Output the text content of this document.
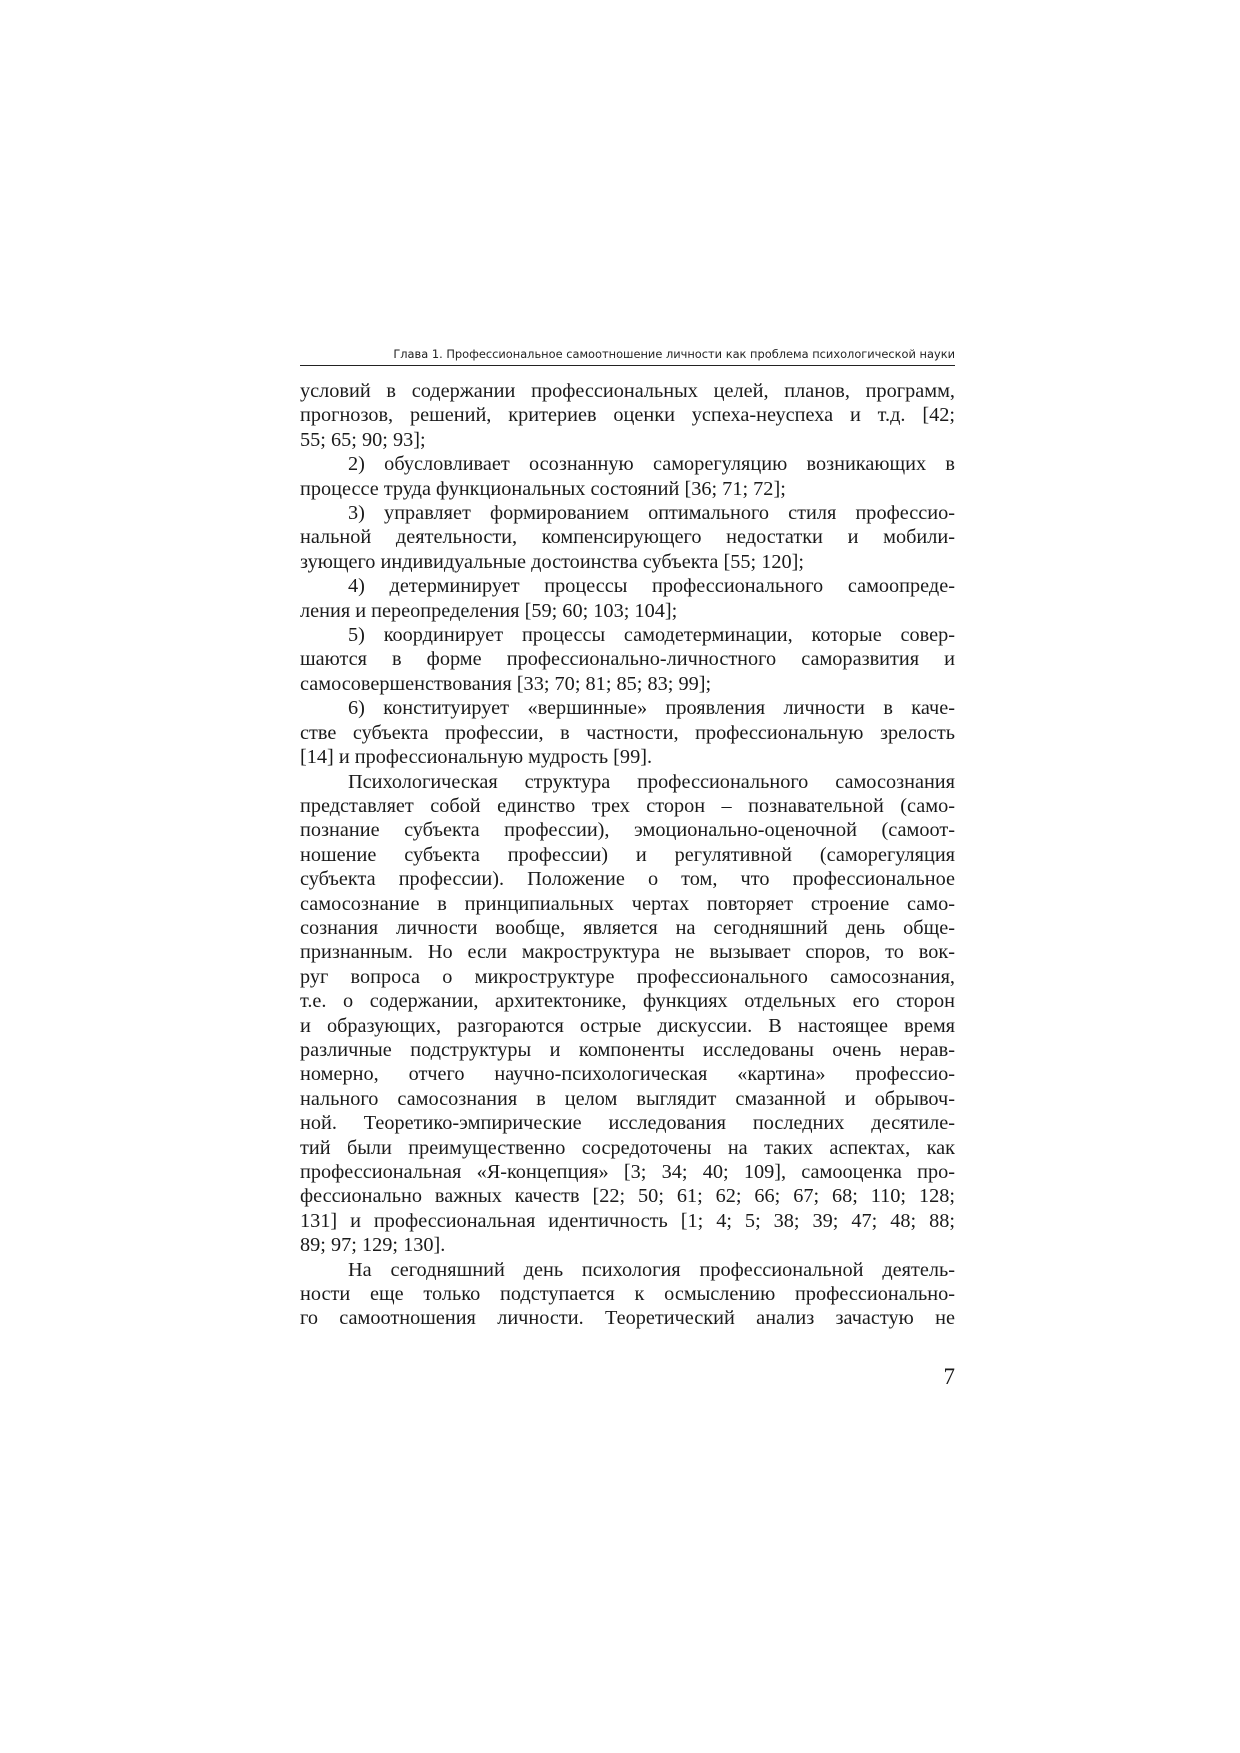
Глава 1. Профессиональное самоотношение личности как проблема психологической науки

условий в содержании профессиональных целей, планов, программ,
прогнозов, решений, критериев оценки успеха-неуспеха и т.д. [42;
55; 65; 90; 93];

2) обусловливает осознанную саморегуляцию возникающих в
процессе труда функциональных состояний [36; 71; 72];

3) управляет формированием оптимального стиля профессио-
нальной деятельности, компенсирующего недостатки и мобили-
зующего индивидуальные достоинства субъекта [55; 120];

4) детерминирует процессы профессионального самоопреде-
ления и переопределения [59; 60; 103; 104];

5) координирует процессы самодетерминации, которые совер-
шаются в форме профессионально-личностного саморазвития и
самосовершенствования [33; 70; 81; 85; 83; 99];

6) конституирует «вершинные» проявления личности в каче-
стве субъекта профессии, в частности, профессиональную зрелость
[14] и профессиональную мудрость [99].

Психологическая структура профессионального самосознания
представляет собой единство трех сторон – познавательной (само-
познание субъекта профессии), эмоционально-оценочной (самоот-
ношение субъекта профессии) и регулятивной (саморегуляция
субъекта профессии). Положение о том, что профессиональное
самосознание в принципиальных чертах повторяет строение само-
сознания личности вообще, является на сегодняшний день обще-
признанным. Но если макроструктура не вызывает споров, то вок-
руг вопроса о микроструктуре профессионального самосознания,
т.е. о содержании, архитектонике, функциях отдельных его сторон
и образующих, разгораются острые дискуссии. В настоящее время
различные подструктуры и компоненты исследованы очень нерав-
номерно, отчего научно-психологическая «картина» профессио-
нального самосознания в целом выглядит смазанной и обрывоч-
ной. Теоретико-эмпирические исследования последних десятиле-
тий были преимущественно сосредоточены на таких аспектах, как
профессиональная «Я-концепция» [3; 34; 40; 109], самооценка про-
фессионально важных качеств [22; 50; 61; 62; 66; 67; 68; 110; 128;
131] и профессиональная идентичность [1; 4; 5; 38; 39; 47; 48; 88;
89; 97; 129; 130].

На сегодняшний день психология профессиональной деятель-
ности еще только подступается к осмыслению профессионально-
го самоотношения личности. Теоретический анализ зачастую не

7
